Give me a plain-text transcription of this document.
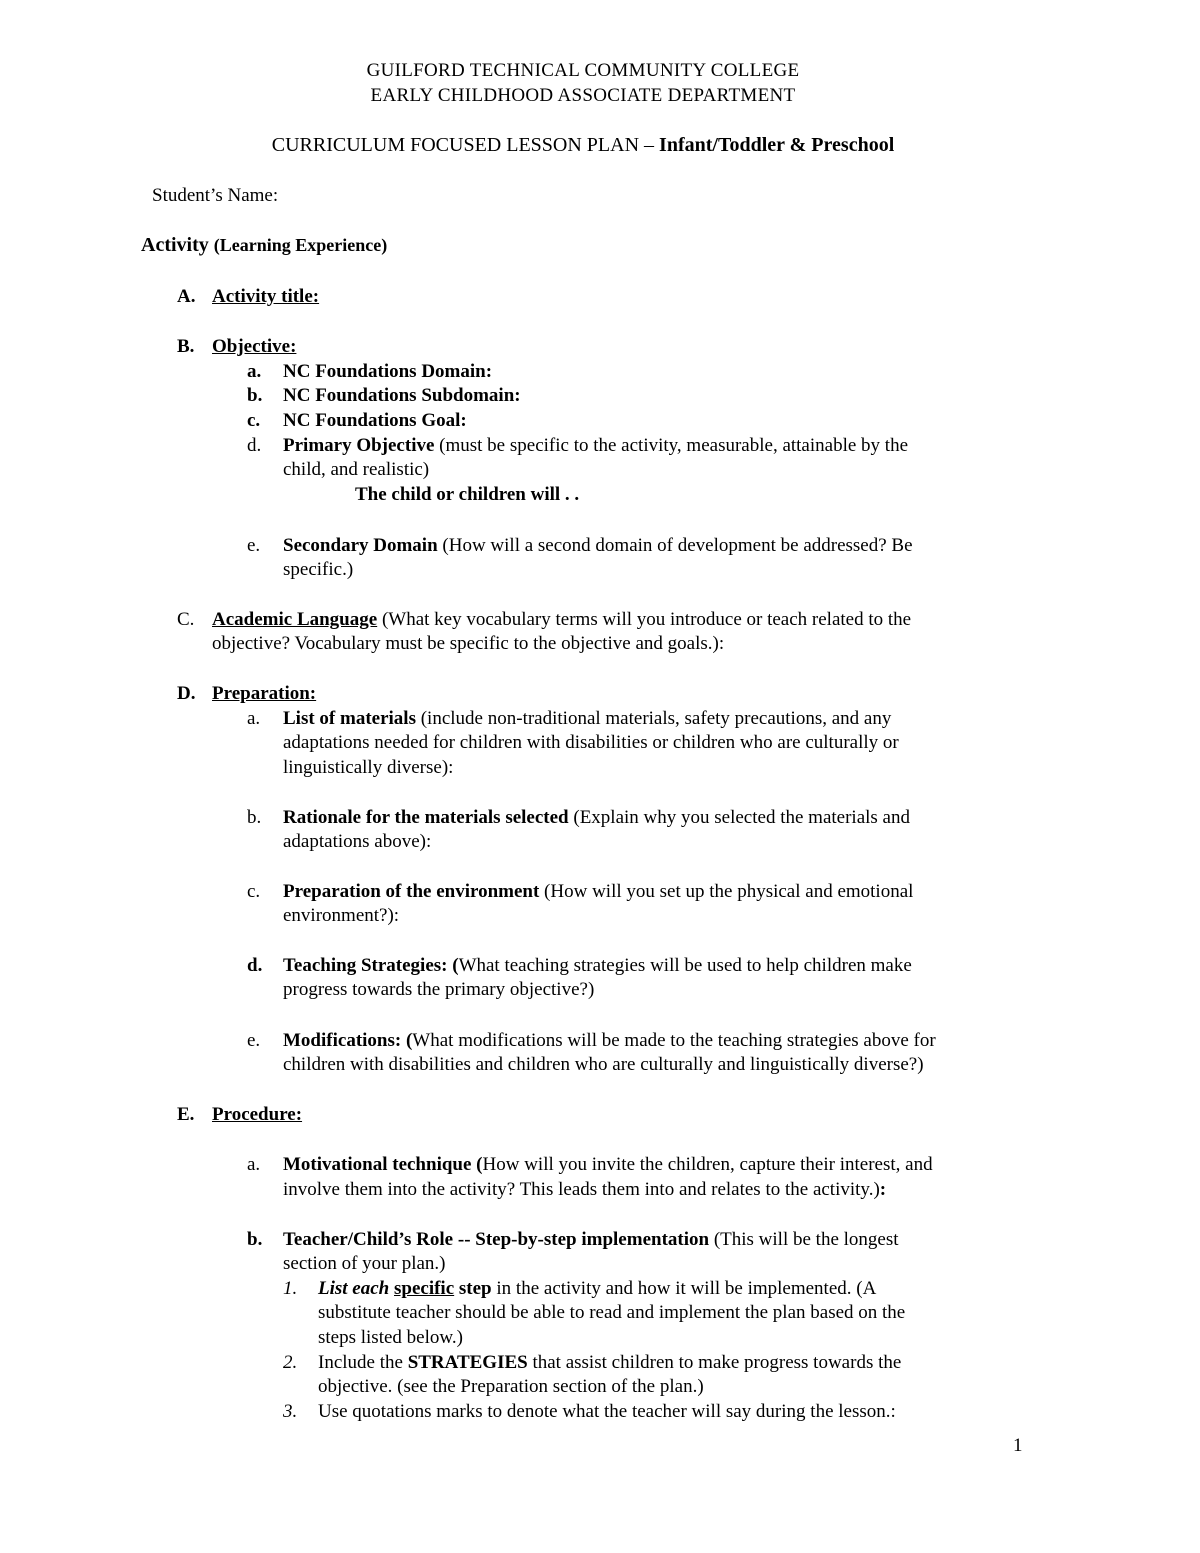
GUILFORD TECHNICAL COMMUNITY COLLEGE
EARLY CHILDHOOD ASSOCIATE DEPARTMENT
CURRICULUM FOCUSED LESSON PLAN – Infant/Toddler & Preschool
Student’s Name:
Activity (Learning Experience)
A. Activity title:
B. Objective:
a. NC Foundations Domain:
b. NC Foundations Subdomain:
c. NC Foundations Goal:
d. Primary Objective (must be specific to the activity, measurable, attainable by the
child, and realistic)
The child or children will . .
e. Secondary Domain (How will a second domain of development be addressed? Be
specific.)
C. Academic Language (What key vocabulary terms will you introduce or teach related to the
objective? Vocabulary must be specific to the objective and goals.):
D. Preparation:
a. List of materials (include non-traditional materials, safety precautions, and any
adaptations needed for children with disabilities or children who are culturally or
linguistically diverse):
b. Rationale for the materials selected (Explain why you selected the materials and
adaptations above):
c. Preparation of the environment (How will you set up the physical and emotional
environment?):
d. Teaching Strategies: (What teaching strategies will be used to help children make
progress towards the primary objective?)
e. Modifications: (What modifications will be made to the teaching strategies above for
children with disabilities and children who are culturally and linguistically diverse?)
E. Procedure:
a. Motivational technique (How will you invite the children, capture their interest, and
involve them into the activity? This leads them into and relates to the activity.):
b. Teacher/Child’s Role -- Step-by-step implementation (This will be the longest
section of your plan.)
1. List each specific step in the activity and how it will be implemented. (A
substitute teacher should be able to read and implement the plan based on the
steps listed below.)
2. Include the STRATEGIES that assist children to make progress towards the
objective. (see the Preparation section of the plan.)
3. Use quotations marks to denote what the teacher will say during the lesson.:
1
